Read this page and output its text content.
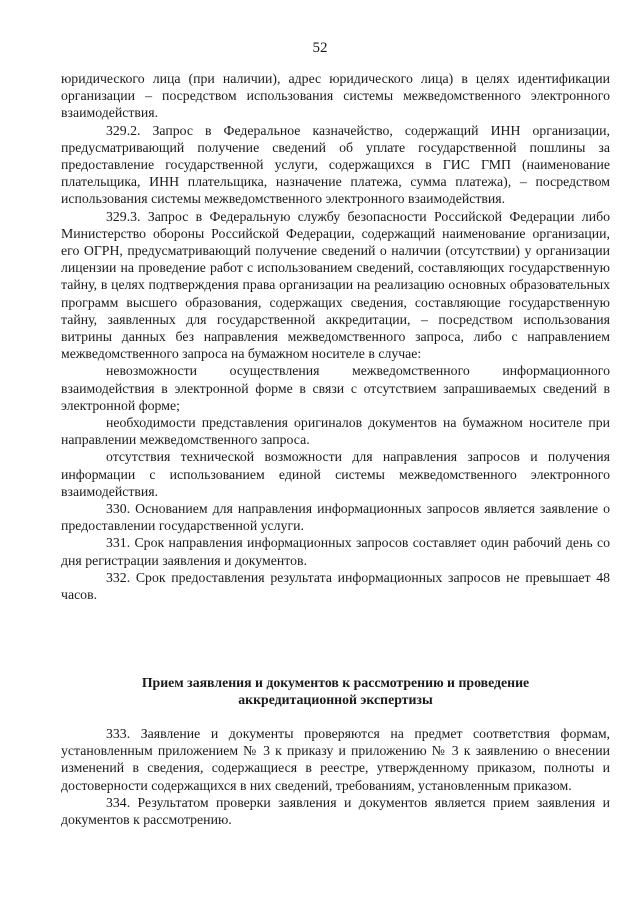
52

юридического лица (при наличии), адрес юридического лица) в целях идентификации организации – посредством использования системы межведомственного электронного взаимодействия.

329.2. Запрос в Федеральное казначейство, содержащий ИНН организации, предусматривающий получение сведений об уплате государственной пошлины за предоставление государственной услуги, содержащихся в ГИС ГМП (наименование плательщика, ИНН плательщика, назначение платежа, сумма платежа), – посредством использования системы межведомственного электронного взаимодействия.

329.3. Запрос в Федеральную службу безопасности Российской Федерации либо Министерство обороны Российской Федерации, содержащий наименование организации, его ОГРН, предусматривающий получение сведений о наличии (отсутствии) у организации лицензии на проведение работ с использованием сведений, составляющих государственную тайну, в целях подтверждения права организации на реализацию основных образовательных программ высшего образования, содержащих сведения, составляющие государственную тайну, заявленных для государственной аккредитации, – посредством использования витрины данных без направления межведомственного запроса, либо с направлением межведомственного запроса на бумажном носителе в случае:

невозможности осуществления межведомственного информационного взаимодействия в электронной форме в связи с отсутствием запрашиваемых сведений в электронной форме;

необходимости представления оригиналов документов на бумажном носителе при направлении межведомственного запроса.

отсутствия технической возможности для направления запросов и получения информации с использованием единой системы межведомственного электронного взаимодействия.

330. Основанием для направления информационных запросов является заявление о предоставлении государственной услуги.

331. Срок направления информационных запросов составляет один рабочий день со дня регистрации заявления и документов.

332. Срок предоставления результата информационных запросов не превышает 48 часов.

Прием заявления и документов к рассмотрению и проведение
аккредитационной экспертизы

333. Заявление и документы проверяются на предмет соответствия формам, установленным приложением № 3 к приказу и приложению № 3 к заявлению о внесении изменений в сведения, содержащиеся в реестре, утвержденному приказом, полноты и достоверности содержащихся в них сведений, требованиям, установленным приказом.

334. Результатом проверки заявления и документов является прием заявления и документов к рассмотрению.
